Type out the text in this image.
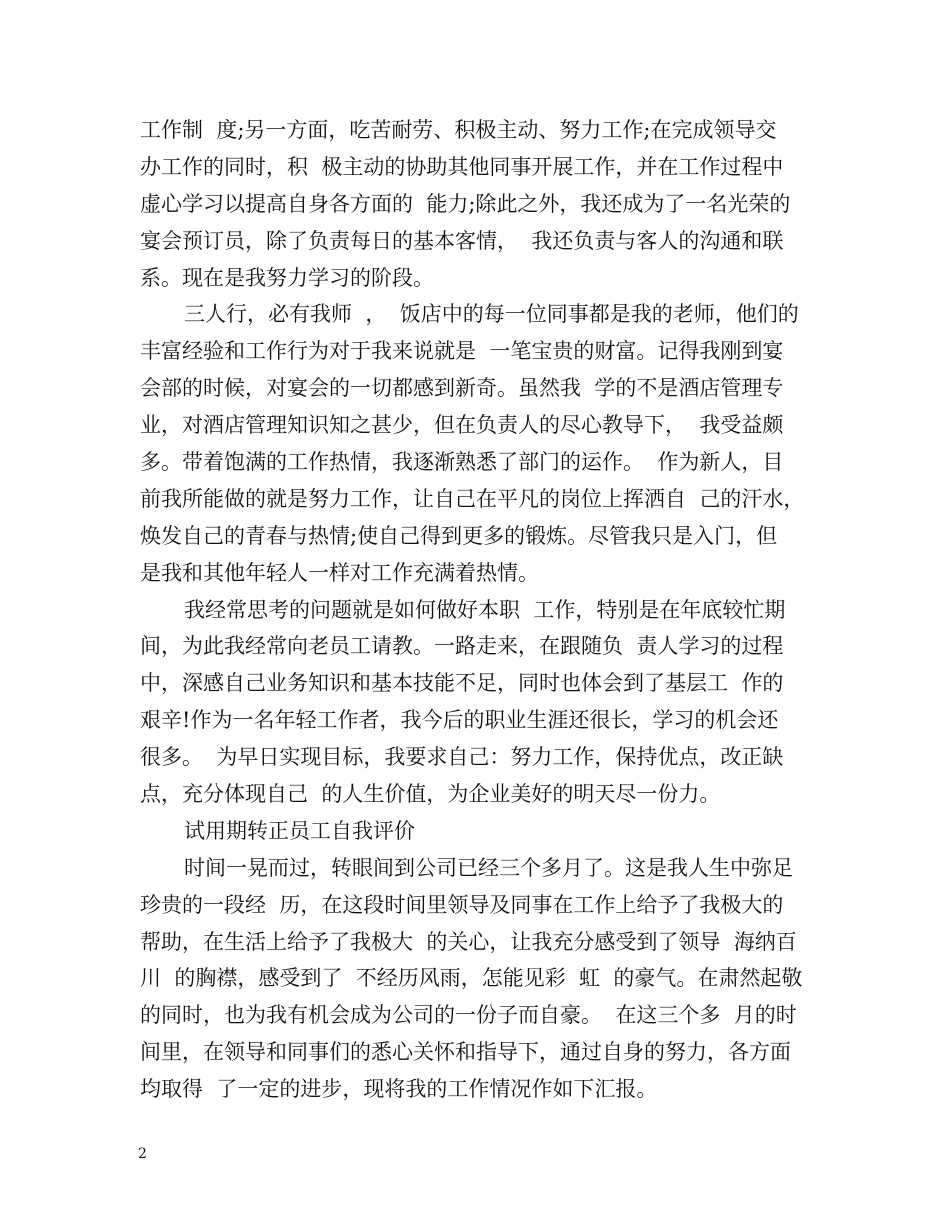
工作制  度;另一方面，吃苦耐劳、积极主动、努力工作;在完成领导交
办工作的同时，积  极主动的协助其他同事开展工作，并在工作过程中
虚心学习以提高自身各方面的  能力;除此之外，我还成为了一名光荣的
宴会预订员，除了负责每日的基本客情，  我还负责与客人的沟通和联
系。现在是我努力学习的阶段。
三人行，必有我师  ，  饭店中的每一位同事都是我的老师，他们的
丰富经验和工作行为对于我来说就是  一笔宝贵的财富。记得我刚到宴
会部的时候，对宴会的一切都感到新奇。虽然我  学的不是酒店管理专
业，对酒店管理知识知之甚少，但在负责人的尽心教导下，  我受益颇
多。带着饱满的工作热情，我逐渐熟悉了部门的运作。  作为新人，目
前我所能做的就是努力工作，让自己在平凡的岗位上挥洒自  己的汗水，
焕发自己的青春与热情;使自己得到更多的锻炼。尽管我只是入门，但
是我和其他年轻人一样对工作充满着热情。
我经常思考的问题就是如何做好本职  工作，特别是在年底较忙期
间，为此我经常向老员工请教。一路走来，在跟随负  责人学习的过程
中，深感自己业务知识和基本技能不足，同时也体会到了基层工  作的
艰辛!作为一名年轻工作者，我今后的职业生涯还很长，学习的机会还
很多。  为早日实现目标，我要求自己：努力工作，保持优点，改正缺
点，充分体现自己  的人生价值，为企业美好的明天尽一份力。
试用期转正员工自我评价
时间一晃而过，转眼间到公司已经三个多月了。这是我人生中弥足
珍贵的一段经  历，在这段时间里领导及同事在工作上给予了我极大的
帮助，在生活上给予了我极大  的关心，让我充分感受到了领导  海纳百
川  的胸襟，感受到了  不经历风雨，怎能见彩  虹  的豪气。在肃然起敬
的同时，也为我有机会成为公司的一份子而自豪。  在这三个多  月的时
间里，在领导和同事们的悉心关怀和指导下，通过自身的努力，各方面
均取得  了一定的进步，现将我的工作情况作如下汇报。
2
